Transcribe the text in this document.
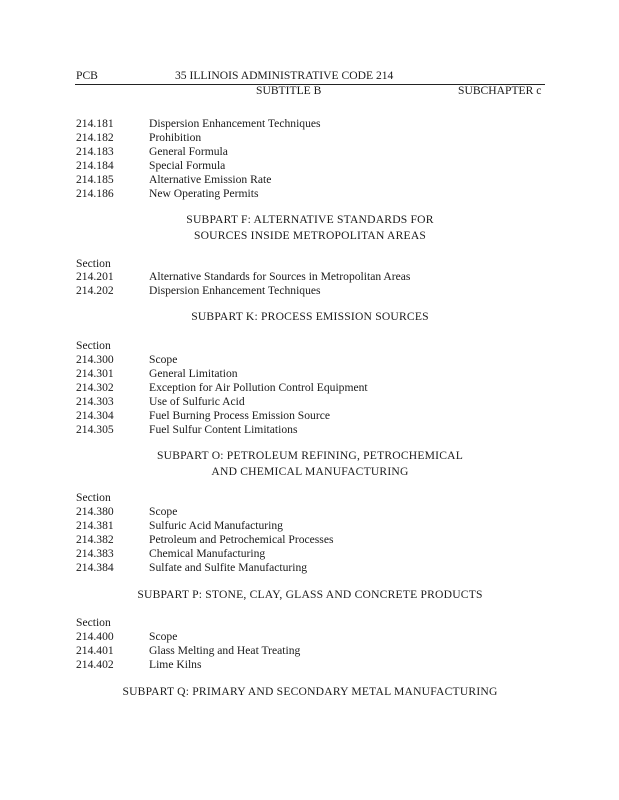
PCB	35 ILLINOIS ADMINISTRATIVE CODE 214
SUBTITLE B	SUBCHAPTER c
214.181	Dispersion Enhancement Techniques
214.182	Prohibition
214.183	General Formula
214.184	Special Formula
214.185	Alternative Emission Rate
214.186	New Operating Permits
SUBPART F: ALTERNATIVE STANDARDS FOR
SOURCES INSIDE METROPOLITAN AREAS
Section
214.201	Alternative Standards for Sources in Metropolitan Areas
214.202	Dispersion Enhancement Techniques
SUBPART K: PROCESS EMISSION SOURCES
Section
214.300	Scope
214.301	General Limitation
214.302	Exception for Air Pollution Control Equipment
214.303	Use of Sulfuric Acid
214.304	Fuel Burning Process Emission Source
214.305	Fuel Sulfur Content Limitations
SUBPART O: PETROLEUM REFINING, PETROCHEMICAL
AND CHEMICAL MANUFACTURING
Section
214.380	Scope
214.381	Sulfuric Acid Manufacturing
214.382	Petroleum and Petrochemical Processes
214.383	Chemical Manufacturing
214.384	Sulfate and Sulfite Manufacturing
SUBPART P: STONE, CLAY, GLASS AND CONCRETE PRODUCTS
Section
214.400	Scope
214.401	Glass Melting and Heat Treating
214.402	Lime Kilns
SUBPART Q: PRIMARY AND SECONDARY METAL MANUFACTURING
